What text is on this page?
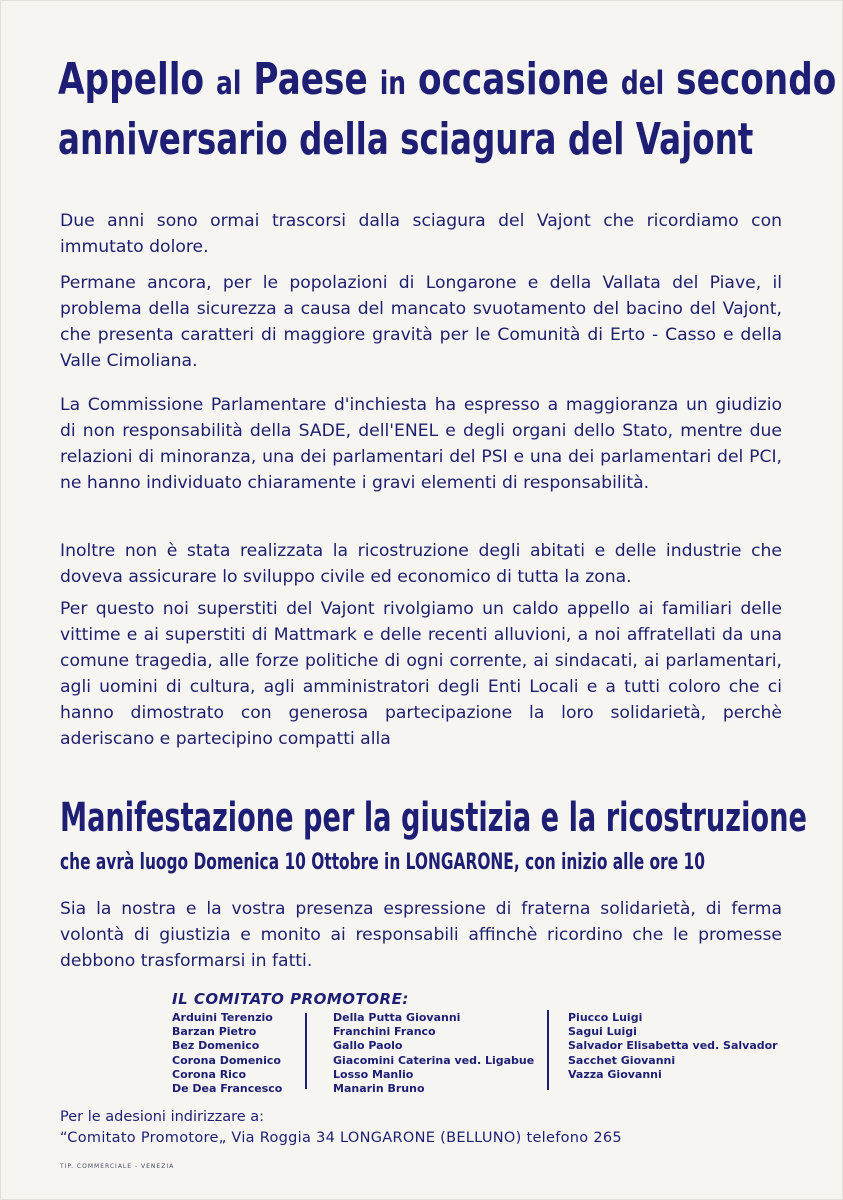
Appello al Paese in occasione del secondo
anniversario della sciagura del Vajont

Due anni sono ormai trascorsi dalla sciagura del Vajont che ricordiamo con immutato dolore.

Permane ancora, per le popolazioni di Longarone e della Vallata del Piave, il problema della sicurezza a causa del mancato svuotamento del bacino del Vajont, che presenta caratteri di maggiore gravità per le Comunità di Erto - Casso e della Valle Cimoliana.

La Commissione Parlamentare d'inchiesta ha espresso a maggioranza un giudizio di non responsabilità della SADE, dell'ENEL e degli organi dello Stato, mentre due relazioni di minoranza, una dei parlamentari del PSI e una dei parlamentari del PCI, ne hanno individuato chiaramente i gravi elementi di responsabilità.

Inoltre non è stata realizzata la ricostruzione degli abitati e delle industrie che doveva assicurare lo sviluppo civile ed economico di tutta la zona.

Per questo noi superstiti del Vajont rivolgiamo un caldo appello ai familiari delle vittime e ai superstiti di Mattmark e delle recenti alluvioni, a noi affratellati da una comune tragedia, alle forze politiche di ogni corrente, ai sindacati, ai parlamentari, agli uomini di cultura, agli amministratori degli Enti Locali e a tutti coloro che ci hanno dimostrato con generosa partecipazione la loro solidarietà, perchè aderiscano e partecipino compatti alla

Manifestazione per la giustizia e la ricostruzione
che avrà luogo Domenica 10 Ottobre in LONGARONE, con inizio alle ore 10

Sia la nostra e la vostra presenza espressione di fraterna solidarietà, di ferma volontà di giustizia e monito ai responsabili affinchè ricordino che le promesse debbono trasformarsi in fatti.

IL COMITATO PROMOTORE:
Arduini Terenzio
Barzan Pietro
Bez Domenico
Corona Domenico
Corona Rico
De Dea Francesco
Della Putta Giovanni
Franchini Franco
Gallo Paolo
Giacomini Caterina ved. Ligabue
Losso Manlio
Manarin Bruno
Piucco Luigi
Sagui Luigi
Salvador Elisabetta ved. Salvador
Sacchet Giovanni
Vazza Giovanni
Per le adesioni indirizzare a:
“Comitato Promotore„ Via Roggia 34 LONGARONE (BELLUNO) telefono 265
TIP. COMMERCIALE - VENEZIA
